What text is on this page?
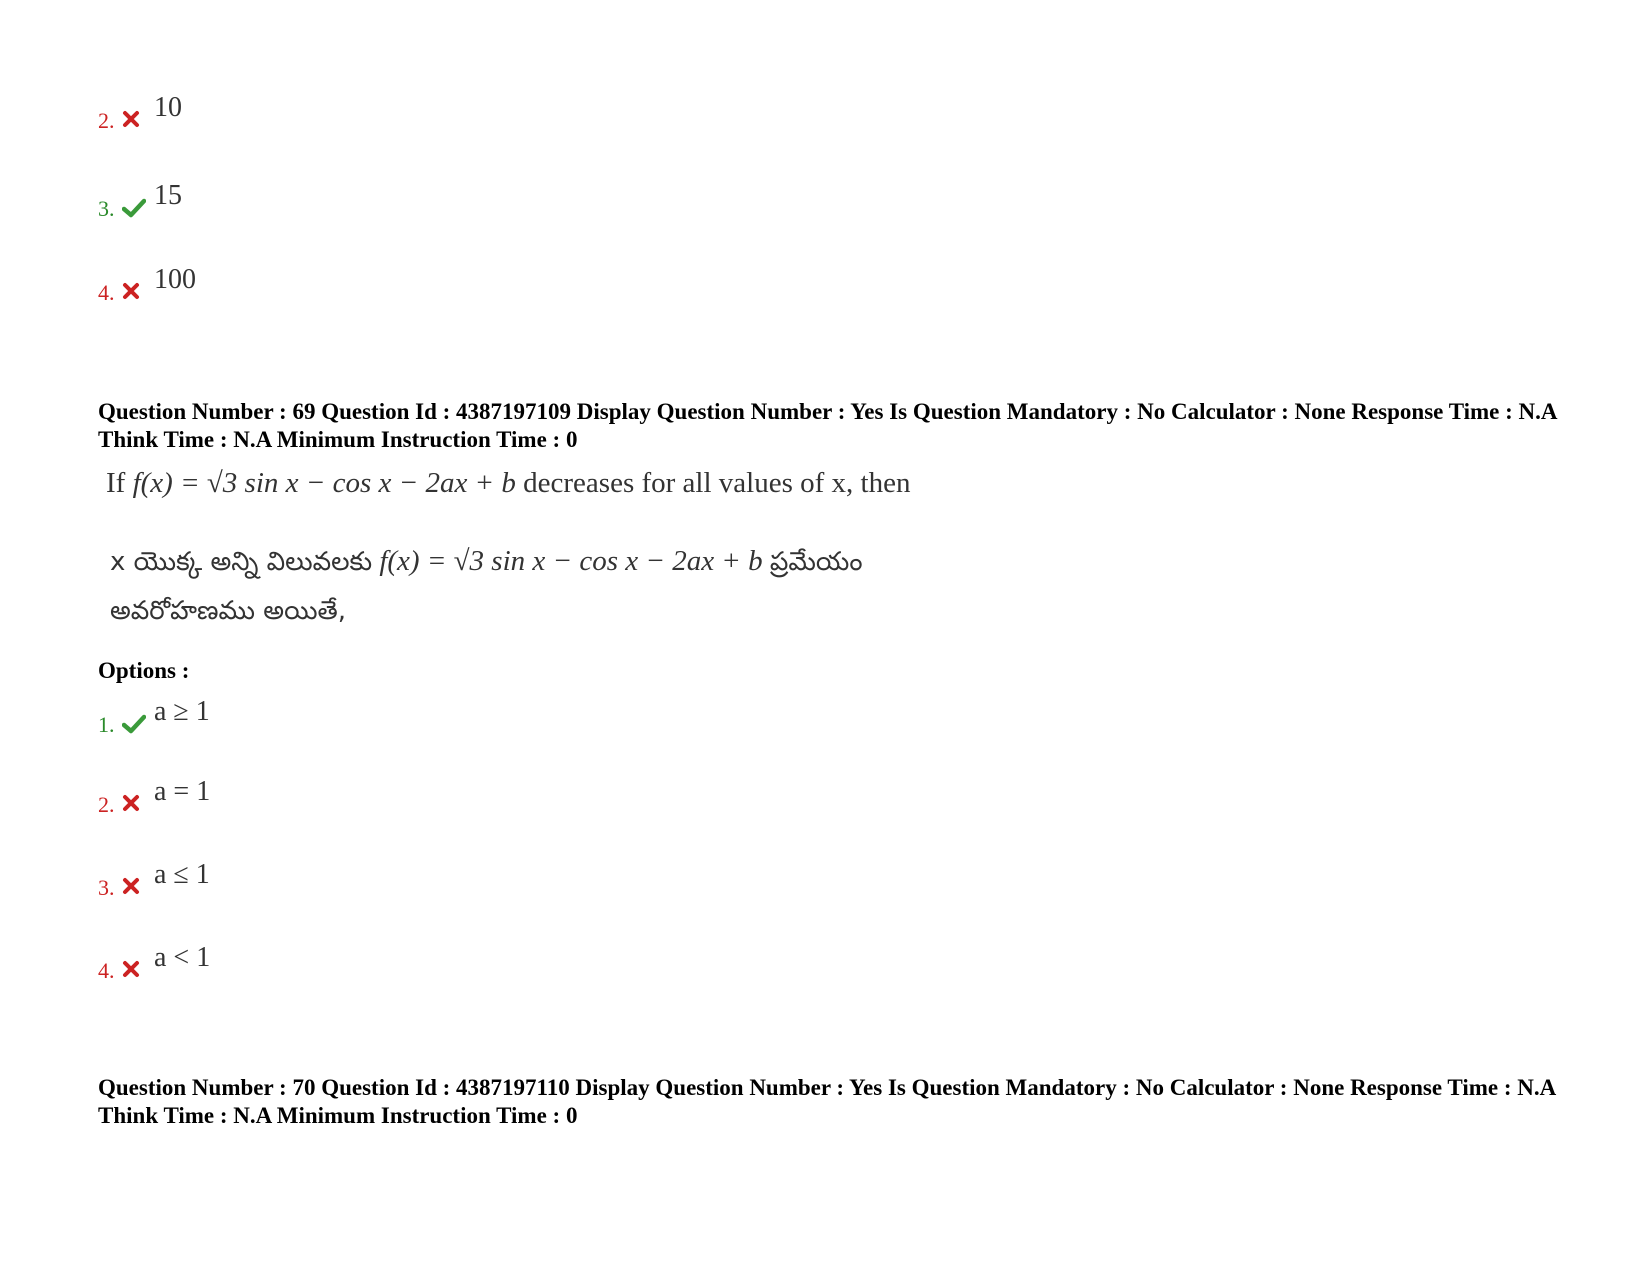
2. 10
3. 15
4. 100
Question Number : 69 Question Id : 4387197109 Display Question Number : Yes Is Question Mandatory : No Calculator : None Response Time : N.A Think Time : N.A Minimum Instruction Time : 0
If f(x) = √3 sin x − cos x − 2ax + b decreases for all values of x, then
x యొక్క అన్ని విలువలకు f(x) = √3 sin x − cos x − 2ax + b ప్రమేయం
అవరోహణము అయితే,
Options :
1. a ≥ 1
2. a = 1
3. a ≤ 1
4. a < 1
Question Number : 70 Question Id : 4387197110 Display Question Number : Yes Is Question Mandatory : No Calculator : None Response Time : N.A Think Time : N.A Minimum Instruction Time : 0
